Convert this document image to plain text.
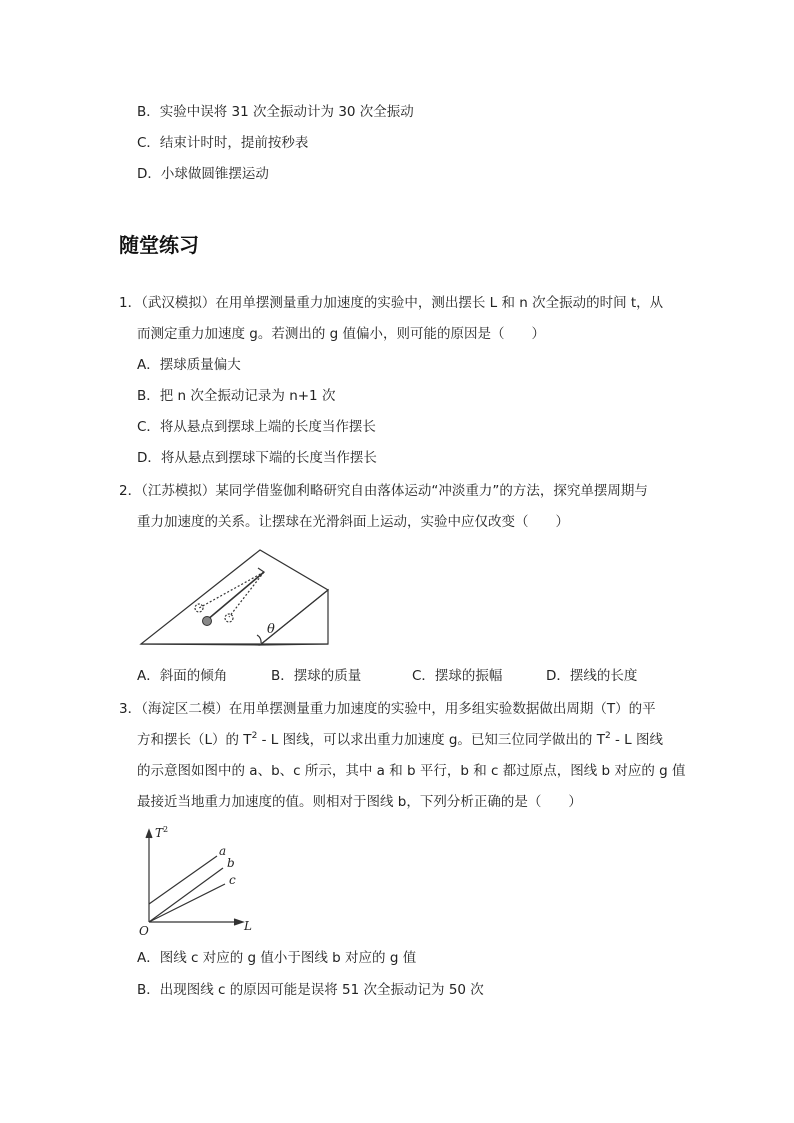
B．实验中误将 31 次全振动计为 30 次全振动
C．结束计时时，提前按秒表
D．小球做圆锥摆运动
随堂练习
1．（武汉模拟）在用单摆测量重力加速度的实验中，测出摆长 L 和 n 次全振动的时间 t，从
而测定重力加速度 g。若测出的 g 值偏小，则可能的原因是（　　）
A．摆球质量偏大
B．把 n 次全振动记录为 n+1 次
C．将从悬点到摆球上端的长度当作摆长
D．将从悬点到摆球下端的长度当作摆长
2．（江苏模拟）某同学借鉴伽利略研究自由落体运动“冲淡重力”的方法，探究单摆周期与
重力加速度的关系。让摆球在光滑斜面上运动，实验中应仅改变（　　）
θ
A．斜面的倾角	B．摆球的质量	C．摆球的振幅	D．摆线的长度
3．（海淀区二模）在用单摆测量重力加速度的实验中，用多组实验数据做出周期（T）的平
方和摆长（L）的 $T^2$ - L 图线，可以求出重力加速度 g。已知三位同学做出的 $T^2$ - L 图线
的示意图如图中的 a、b、c 所示，其中 a 和 b 平行，b 和 c 都过原点，图线 b 对应的 g 值
最接近当地重力加速度的值。则相对于图线 b，下列分析正确的是（　　）
$T^2$
L
O
a
b
c
A．图线 c 对应的 g 值小于图线 b 对应的 g 值
B．出现图线 c 的原因可能是误将 51 次全振动记为 50 次
